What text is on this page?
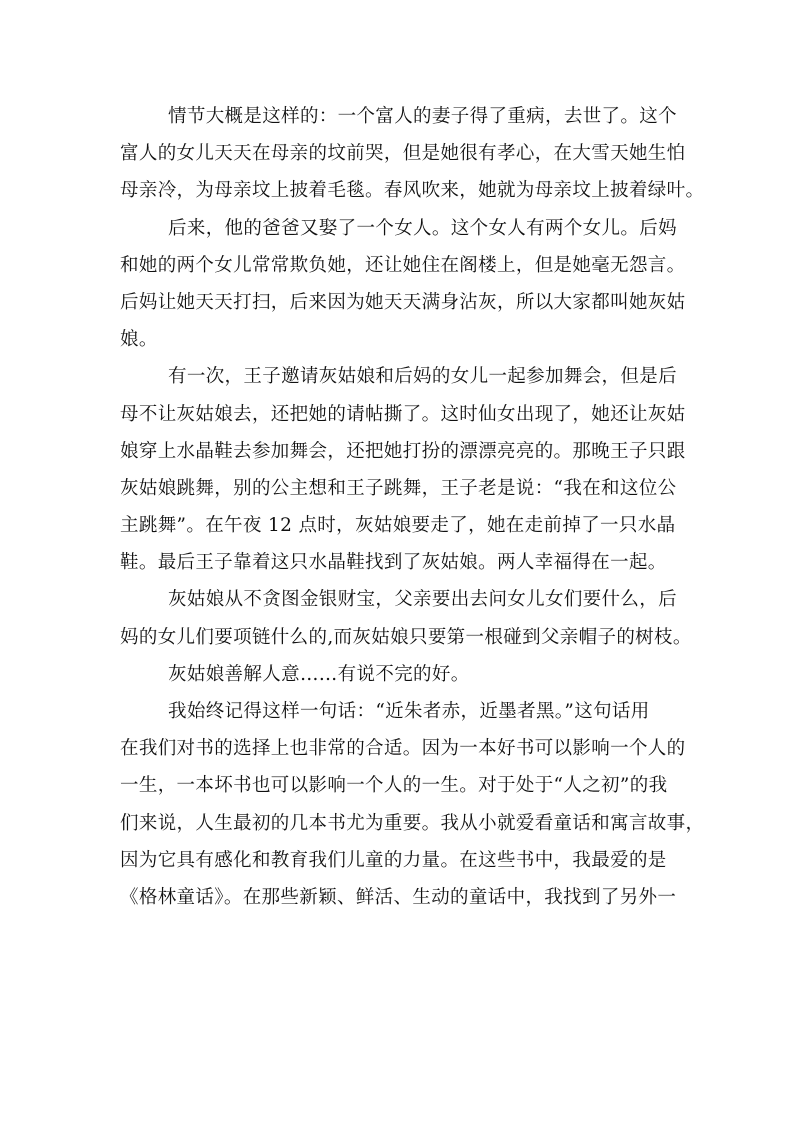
情节大概是这样的：一个富人的妻子得了重病，去世了。这个
富人的女儿天天在母亲的坟前哭，但是她很有孝心，在大雪天她生怕
母亲冷，为母亲坟上披着毛毯。春风吹来，她就为母亲坟上披着绿叶。
后来，他的爸爸又娶了一个女人。这个女人有两个女儿。后妈
和她的两个女儿常常欺负她，还让她住在阁楼上，但是她毫无怨言。
后妈让她天天打扫，后来因为她天天满身沾灰，所以大家都叫她灰姑
娘。
有一次，王子邀请灰姑娘和后妈的女儿一起参加舞会，但是后
母不让灰姑娘去，还把她的请帖撕了。这时仙女出现了，她还让灰姑
娘穿上水晶鞋去参加舞会，还把她打扮的漂漂亮亮的。那晚王子只跟
灰姑娘跳舞，别的公主想和王子跳舞，王子老是说：“我在和这位公
主跳舞”。在午夜 12 点时，灰姑娘要走了，她在走前掉了一只水晶
鞋。最后王子靠着这只水晶鞋找到了灰姑娘。两人幸福得在一起。
灰姑娘从不贪图金银财宝，父亲要出去问女儿女们要什么，后
妈的女儿们要项链什么的,而灰姑娘只要第一根碰到父亲帽子的树枝。
灰姑娘善解人意……有说不完的好。
我始终记得这样一句话：“近朱者赤，近墨者黑。”这句话用
在我们对书的选择上也非常的合适。因为一本好书可以影响一个人的
一生，一本坏书也可以影响一个人的一生。对于处于“人之初”的我
们来说，人生最初的几本书尤为重要。我从小就爱看童话和寓言故事，
因为它具有感化和教育我们儿童的力量。在这些书中，我最爱的是
《格林童话》。在那些新颖、鲜活、生动的童话中，我找到了另外一
